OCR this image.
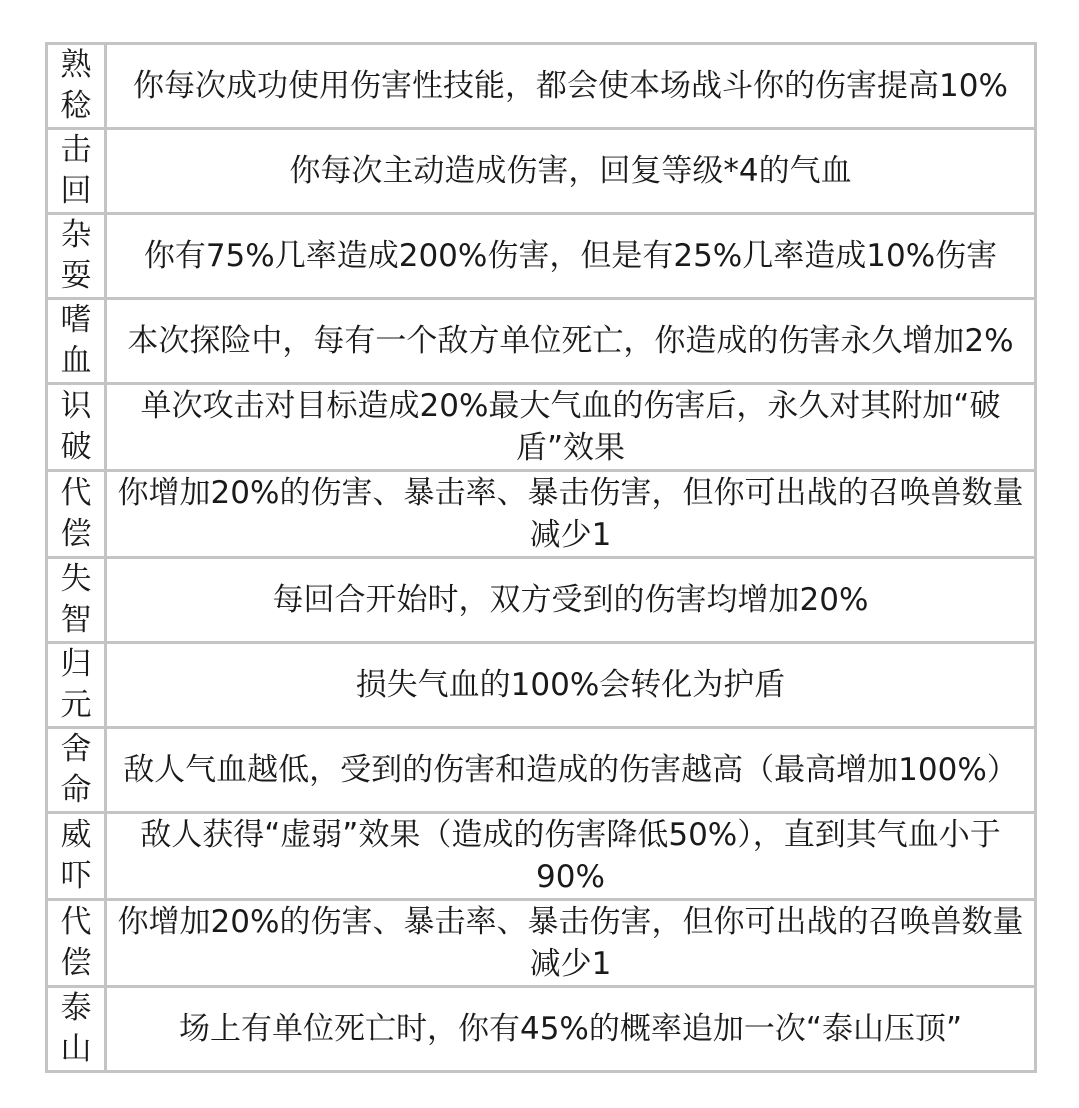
熟稔	你每次成功使用伤害性技能，都会使本场战斗你的伤害提高10%

击回	你每次主动造成伤害，回复等级*4的气血

杂耍	你有75%几率造成200%伤害，但是有25%几率造成10%伤害

嗜血	本次探险中，每有一个敌方单位死亡，你造成的伤害永久增加2%

识破	单次攻击对目标造成20%最大气血的伤害后，永久对其附加“破盾”效果

代偿	你增加20%的伤害、暴击率、暴击伤害，但你可出战的召唤兽数量减少1

失智	每回合开始时，双方受到的伤害均增加20%

归元	损失气血的100%会转化为护盾

舍命	敌人气血越低，受到的伤害和造成的伤害越高（最高增加100%）

威吓	敌人获得“虚弱”效果（造成的伤害降低50%），直到其气血小于90%

代偿	你增加20%的伤害、暴击率、暴击伤害，但你可出战的召唤兽数量减少1

泰山	场上有单位死亡时，你有45%的概率追加一次“泰山压顶”
